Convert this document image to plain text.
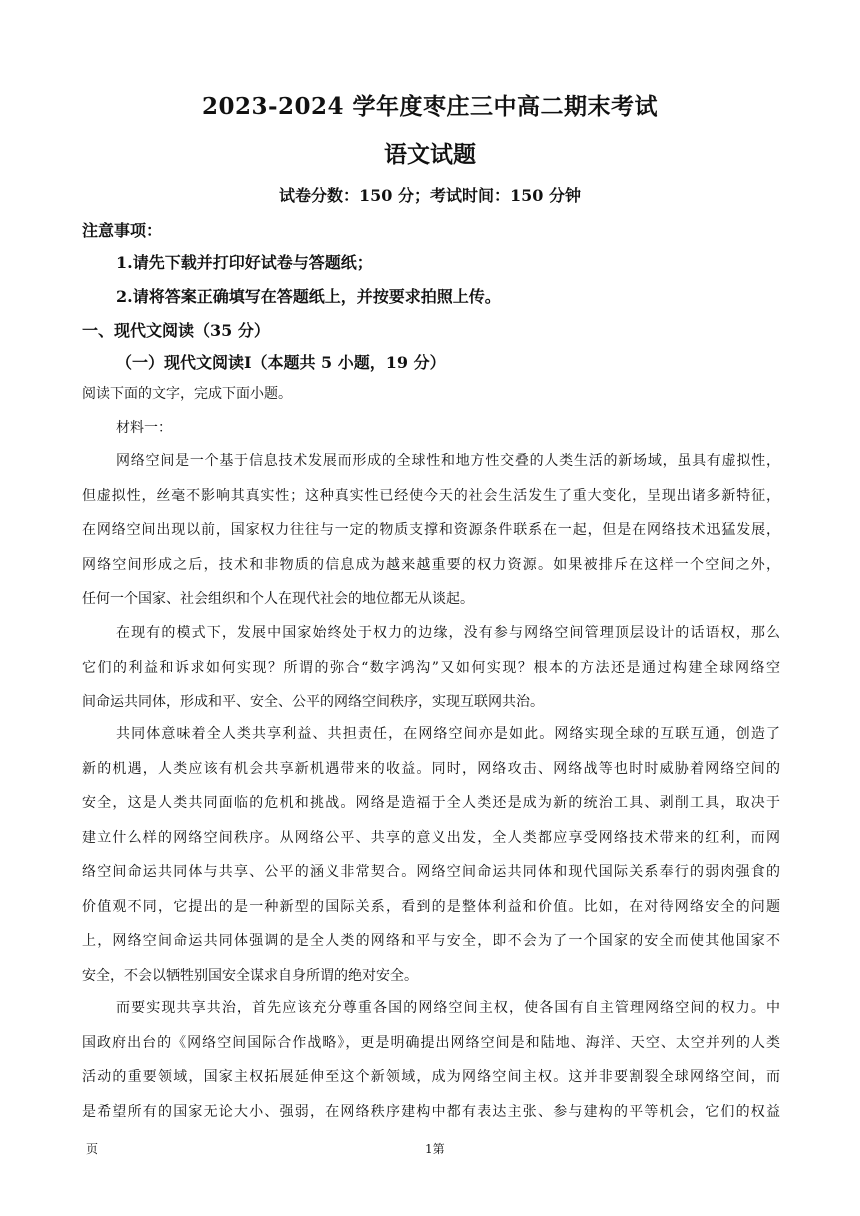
2023-2024 学年度枣庄三中高二期末考试
语文试题
试卷分数：150 分；考试时间：150 分钟
注意事项：
1.请先下载并打印好试卷与答题纸；
2.请将答案正确填写在答题纸上，并按要求拍照上传。
一、现代文阅读（35 分）
（一）现代文阅读Ⅰ（本题共 5 小题，19 分）
阅读下面的文字，完成下面小题。
材料一：
网络空间是一个基于信息技术发展而形成的全球性和地方性交叠的人类生活的新场域，虽具有虚拟性，
但虚拟性，丝毫不影响其真实性；这种真实性已经使今天的社会生活发生了重大变化，呈现出诸多新特征，
在网络空间出现以前，国家权力往往与一定的物质支撑和资源条件联系在一起，但是在网络技术迅猛发展，
网络空间形成之后，技术和非物质的信息成为越来越重要的权力资源。如果被排斥在这样一个空间之外，
任何一个国家、社会组织和个人在现代社会的地位都无从谈起。
在现有的模式下，发展中国家始终处于权力的边缘，没有参与网络空间管理顶层设计的话语权，那么
它们的利益和诉求如何实现？所谓的弥合“数字鸿沟”又如何实现？根本的方法还是通过构建全球网络空
间命运共同体，形成和平、安全、公平的网络空间秩序，实现互联网共治。
共同体意味着全人类共享利益、共担责任，在网络空间亦是如此。网络实现全球的互联互通，创造了
新的机遇，人类应该有机会共享新机遇带来的收益。同时，网络攻击、网络战等也时时威胁着网络空间的
安全，这是人类共同面临的危机和挑战。网络是造福于全人类还是成为新的统治工具、剥削工具，取决于
建立什么样的网络空间秩序。从网络公平、共享的意义出发，全人类都应享受网络技术带来的红利，而网
络空间命运共同体与共享、公平的涵义非常契合。网络空间命运共同体和现代国际关系奉行的弱肉强食的
价值观不同，它提出的是一种新型的国际关系，看到的是整体利益和价值。比如，在对待网络安全的问题
上，网络空间命运共同体强调的是全人类的网络和平与安全，即不会为了一个国家的安全而使其他国家不
安全，不会以牺牲别国安全谋求自身所谓的绝对安全。
而要实现共享共治，首先应该充分尊重各国的网络空间主权，使各国有自主管理网络空间的权力。中
国政府出台的《网络空间国际合作战略》，更是明确提出网络空间是和陆地、海洋、天空、太空并列的人类
活动的重要领域，国家主权拓展延伸至这个新领域，成为网络空间主权。这并非要割裂全球网络空间，而
是希望所有的国家无论大小、强弱，在网络秩序建构中都有表达主张、参与建构的平等机会，它们的权益
页	1第
